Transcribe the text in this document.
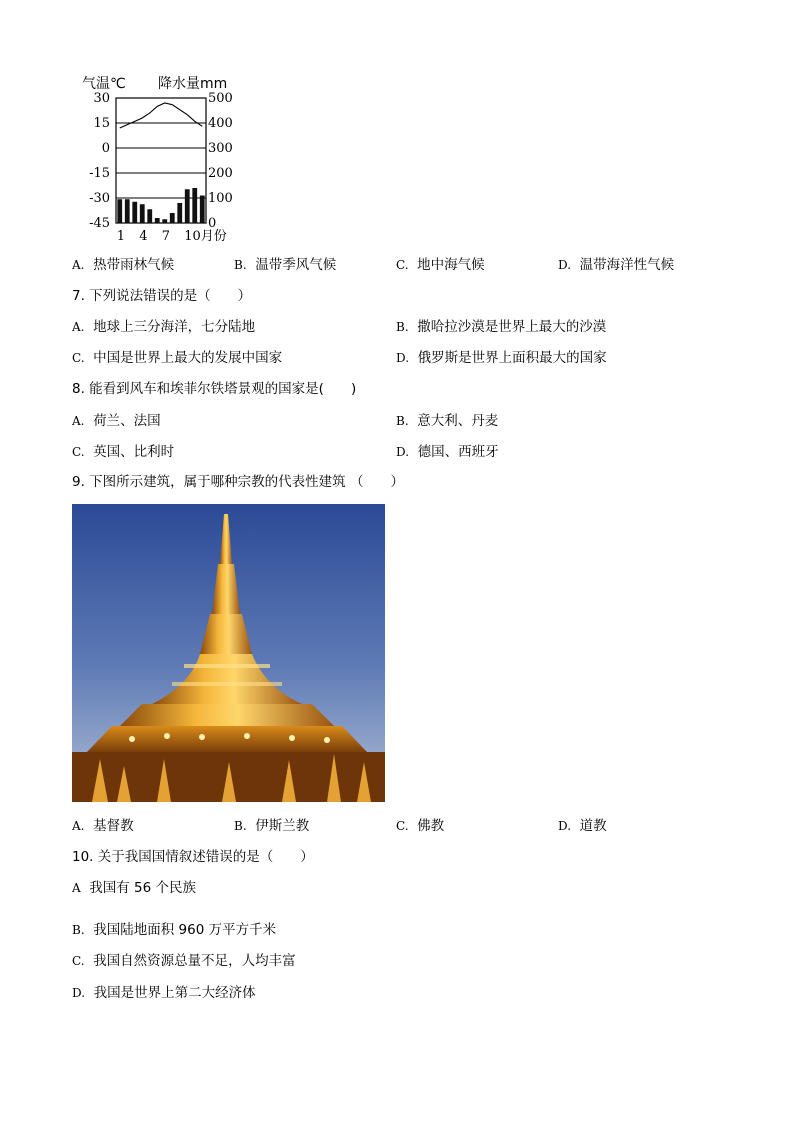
气温℃ 降水量mm
30
15
0
-15
-30
-45
500
400
300
200
100
0
1 4 7 10月份
A. 热带雨林气候	B. 温带季风气候	C. 地中海气候	D. 温带海洋性气候
7. 下列说法错误的是（　　）
A. 地球上三分海洋，七分陆地	B. 撒哈拉沙漠是世界上最大的沙漠
C. 中国是世界上最大的发展中国家	D. 俄罗斯是世界上面积最大的国家
8. 能看到风车和埃菲尔铁塔景观的国家是(　　)
A. 荷兰、法国	B. 意大利、丹麦
C. 英国、比利时	D. 德国、西班牙
9. 下图所示建筑，属于哪种宗教的代表性建筑 （　　）
A. 基督教	B. 伊斯兰教	C. 佛教	D. 道教
10. 关于我国国情叙述错误的是（　　）
A 我国有 56 个民族
B. 我国陆地面积 960 万平方千米
C. 我国自然资源总量不足，人均丰富
D. 我国是世界上第二大经济体
